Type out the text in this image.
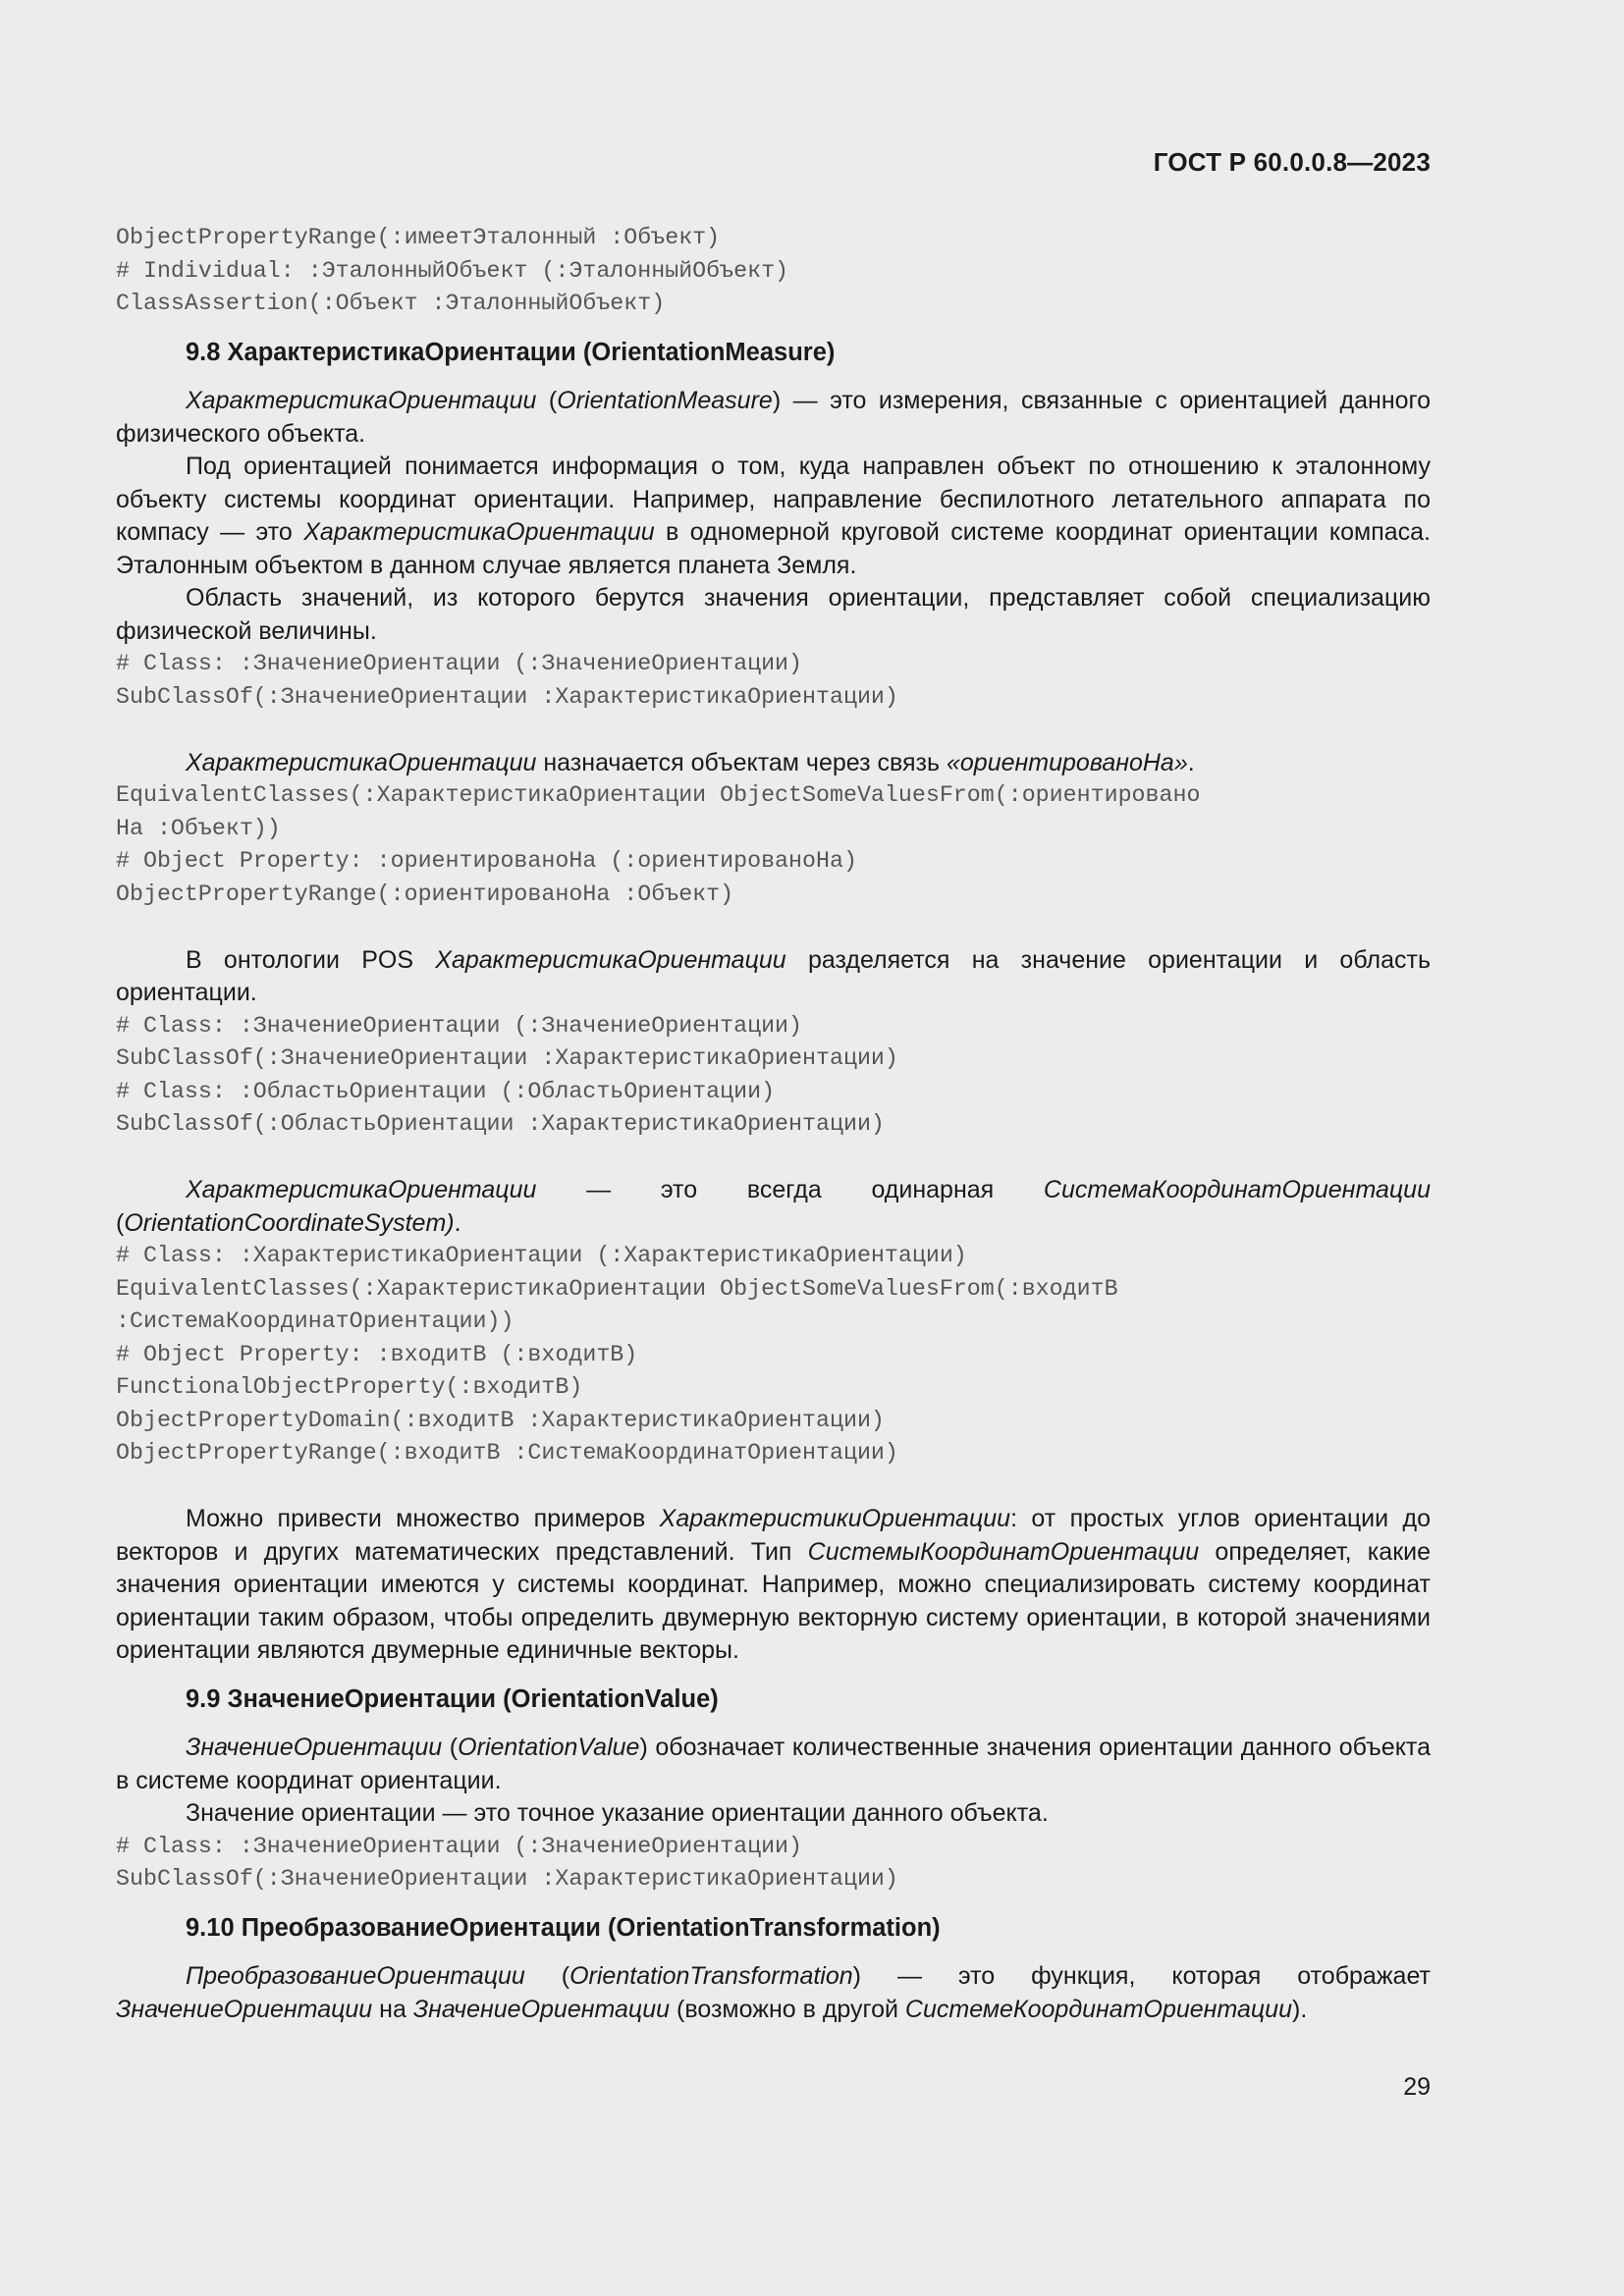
ГОСТ Р 60.0.0.8—2023
ObjectPropertyRange(:имеетЭталонный :Объект)
# Individual: :ЭталонныйОбъект (:ЭталонныйОбъект)
ClassAssertion(:Объект :ЭталонныйОбъект)

9.8 ХарактеристикаОриентации (OrientationMeasure)

ХарактеристикаОриентации (OrientationMeasure) — это измерения, связанные с ориентацией данного физического объекта.

Под ориентацией понимается информация о том, куда направлен объект по отношению к эталонному объекту системы координат ориентации. Например, направление беспилотного летательного аппарата по компасу — это ХарактеристикаОриентации в одномерной круговой системе координат ориентации компаса. Эталонным объектом в данном случае является планета Земля.

Область значений, из которого берутся значения ориентации, представляет собой специализацию физической величины.

# Class: :ЗначениеОриентации (:ЗначениеОриентации)
SubClassOf(:ЗначениеОриентации :ХарактеристикаОриентации)

ХарактеристикаОриентации назначается объектам через связь «ориентированоНа».

EquivalentClasses(:ХарактеристикаОриентации ObjectSomeValuesFrom(:ориентировано
На :Объект))
# Object Property: :ориентированоНа (:ориентированоНа)
ObjectPropertyRange(:ориентированоНа :Объект)

В онтологии POS ХарактеристикаОриентации разделяется на значение ориентации и область ориентации.

# Class: :ЗначениеОриентации (:ЗначениеОриентации)
SubClassOf(:ЗначениеОриентации :ХарактеристикаОриентации)
# Class: :ОбластьОриентации (:ОбластьОриентации)
SubClassOf(:ОбластьОриентации :ХарактеристикаОриентации)

ХарактеристикаОриентации — это всегда одинарная СистемаКоординатОриентации (OrientationCoordinateSystem).

# Class: :ХарактеристикаОриентации (:ХарактеристикаОриентации)
EquivalentClasses(:ХарактеристикаОриентации ObjectSomeValuesFrom(:входитВ
:СистемаКоординатОриентации))
# Object Property: :входитВ (:входитВ)
FunctionalObjectProperty(:входитВ)
ObjectPropertyDomain(:входитВ :ХарактеристикаОриентации)
ObjectPropertyRange(:входитВ :СистемаКоординатОриентации)

Можно привести множество примеров ХарактеристикиОриентации: от простых углов ориентации до векторов и других математических представлений. Тип СистемыКоординатОриентации определяет, какие значения ориентации имеются у системы координат. Например, можно специализировать систему координат ориентации таким образом, чтобы определить двумерную векторную систему ориентации, в которой значениями ориентации являются двумерные единичные векторы.

9.9 ЗначениеОриентации (OrientationValue)

ЗначениеОриентации (OrientationValue) обозначает количественные значения ориентации данного объекта в системе координат ориентации.

Значение ориентации — это точное указание ориентации данного объекта.

# Class: :ЗначениеОриентации (:ЗначениеОриентации)
SubClassOf(:ЗначениеОриентации :ХарактеристикаОриентации)

9.10 ПреобразованиеОриентации (OrientationTransformation)

ПреобразованиеОриентации (OrientationTransformation) — это функция, которая отображает ЗначениеОриентации на ЗначениеОриентации (возможно в другой СистемеКоординатОриентации).

29
